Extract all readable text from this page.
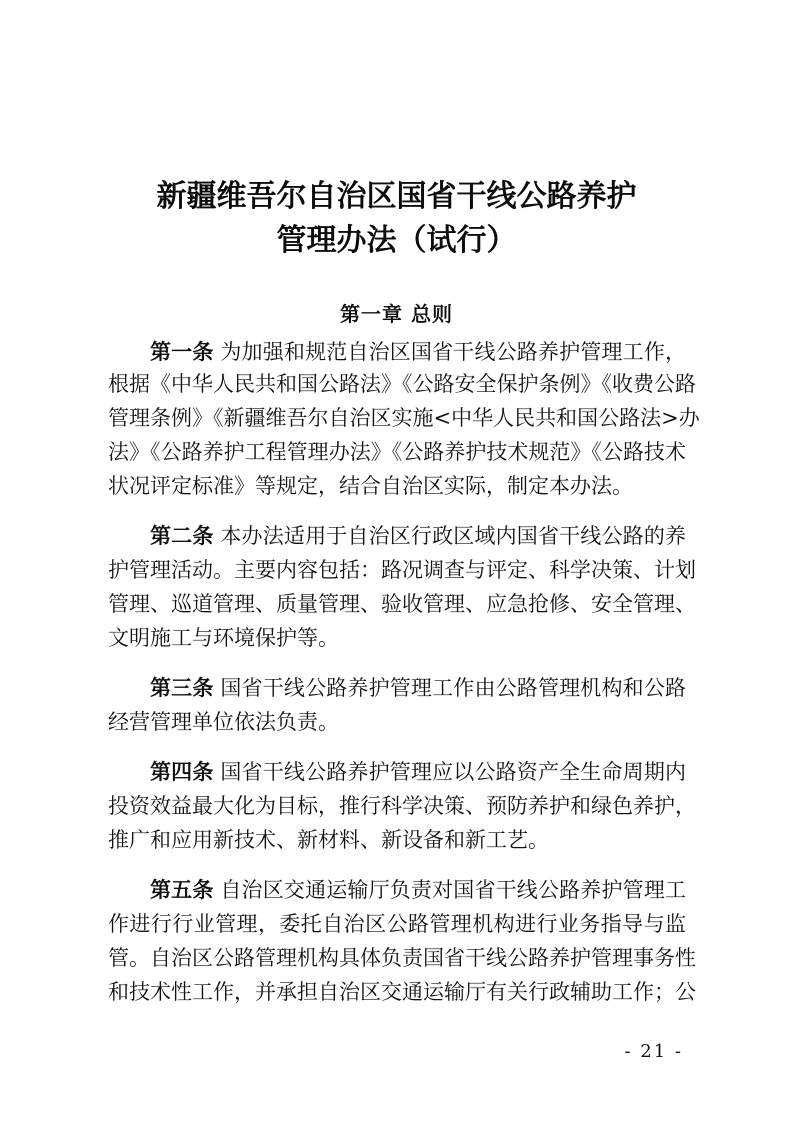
新疆维吾尔自治区国省干线公路养护
管理办法（试行）
第一章 总则
第一条 为加强和规范自治区国省干线公路养护管理工作，
根据《中华人民共和国公路法》《公路安全保护条例》《收费公路
管理条例》《新疆维吾尔自治区实施<中华人民共和国公路法>办
法》《公路养护工程管理办法》《公路养护技术规范》《公路技术
状况评定标准》等规定，结合自治区实际，制定本办法。
第二条 本办法适用于自治区行政区域内国省干线公路的养
护管理活动。主要内容包括：路况调查与评定、科学决策、计划
管理、巡道管理、质量管理、验收管理、应急抢修、安全管理、
文明施工与环境保护等。
第三条 国省干线公路养护管理工作由公路管理机构和公路
经营管理单位依法负责。
第四条 国省干线公路养护管理应以公路资产全生命周期内
投资效益最大化为目标，推行科学决策、预防养护和绿色养护，
推广和应用新技术、新材料、新设备和新工艺。
第五条 自治区交通运输厅负责对国省干线公路养护管理工
作进行行业管理，委托自治区公路管理机构进行业务指导与监
管。自治区公路管理机构具体负责国省干线公路养护管理事务性
和技术性工作，并承担自治区交通运输厅有关行政辅助工作；公
- 21 -
